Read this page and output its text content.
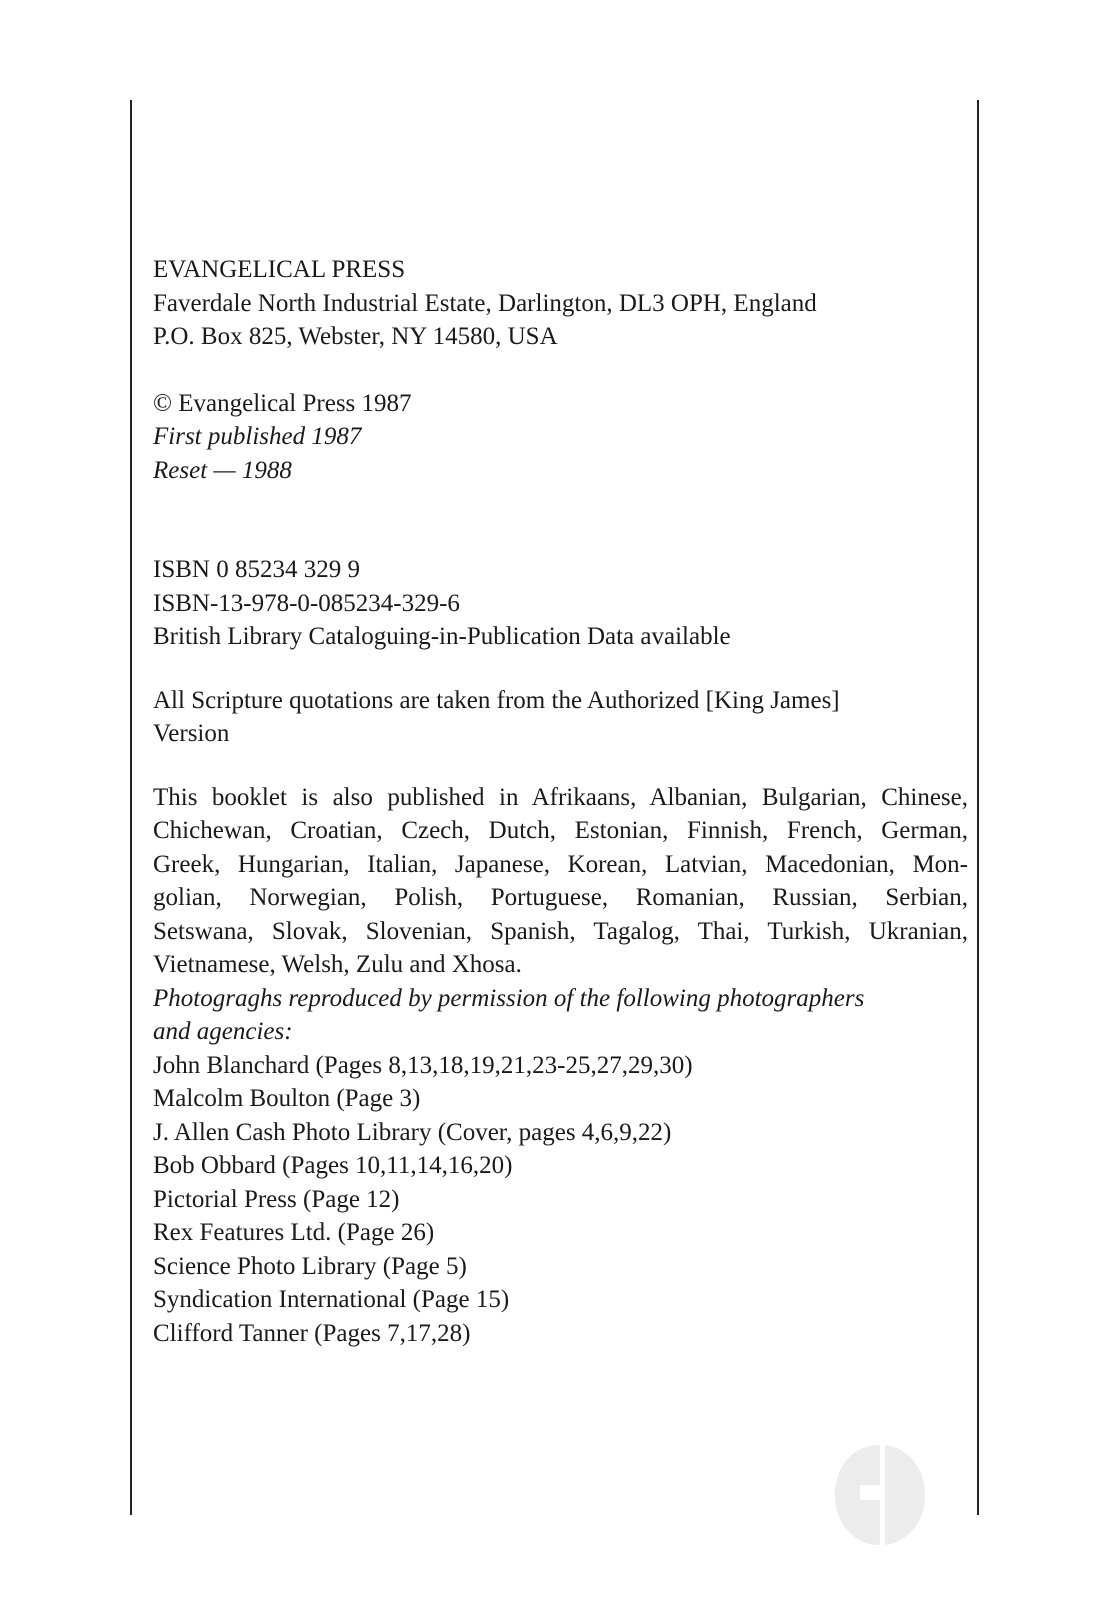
EVANGELICAL PRESS
Faverdale North Industrial Estate, Darlington, DL3 OPH, England
P.O. Box 825, Webster, NY 14580, USA
© Evangelical Press 1987
First published 1987
Reset — 1988
ISBN 0 85234 329 9
ISBN-13-978-0-085234-329-6
British Library Cataloguing-in-Publication Data available
All Scripture quotations are taken from the Authorized [King James]
Version
This booklet is also published in Afrikaans, Albanian, Bulgarian, Chinese,
Chichewan, Croatian, Czech, Dutch, Estonian, Finnish, French, German,
Greek, Hungarian, Italian, Japanese, Korean, Latvian, Macedonian, Mon-
golian, Norwegian, Polish, Portuguese, Romanian, Russian, Serbian,
Setswana, Slovak, Slovenian, Spanish, Tagalog, Thai, Turkish, Ukranian,
Vietnamese, Welsh, Zulu and Xhosa.
Photograghs reproduced by permission of the following photographers
and agencies:
John Blanchard (Pages 8,13,18,19,21,23-25,27,29,30)
Malcolm Boulton (Page 3)
J. Allen Cash Photo Library (Cover, pages 4,6,9,22)
Bob Obbard (Pages 10,11,14,16,20)
Pictorial Press (Page 12)
Rex Features Ltd. (Page 26)
Science Photo Library (Page 5)
Syndication International (Page 15)
Clifford Tanner (Pages 7,17,28)
